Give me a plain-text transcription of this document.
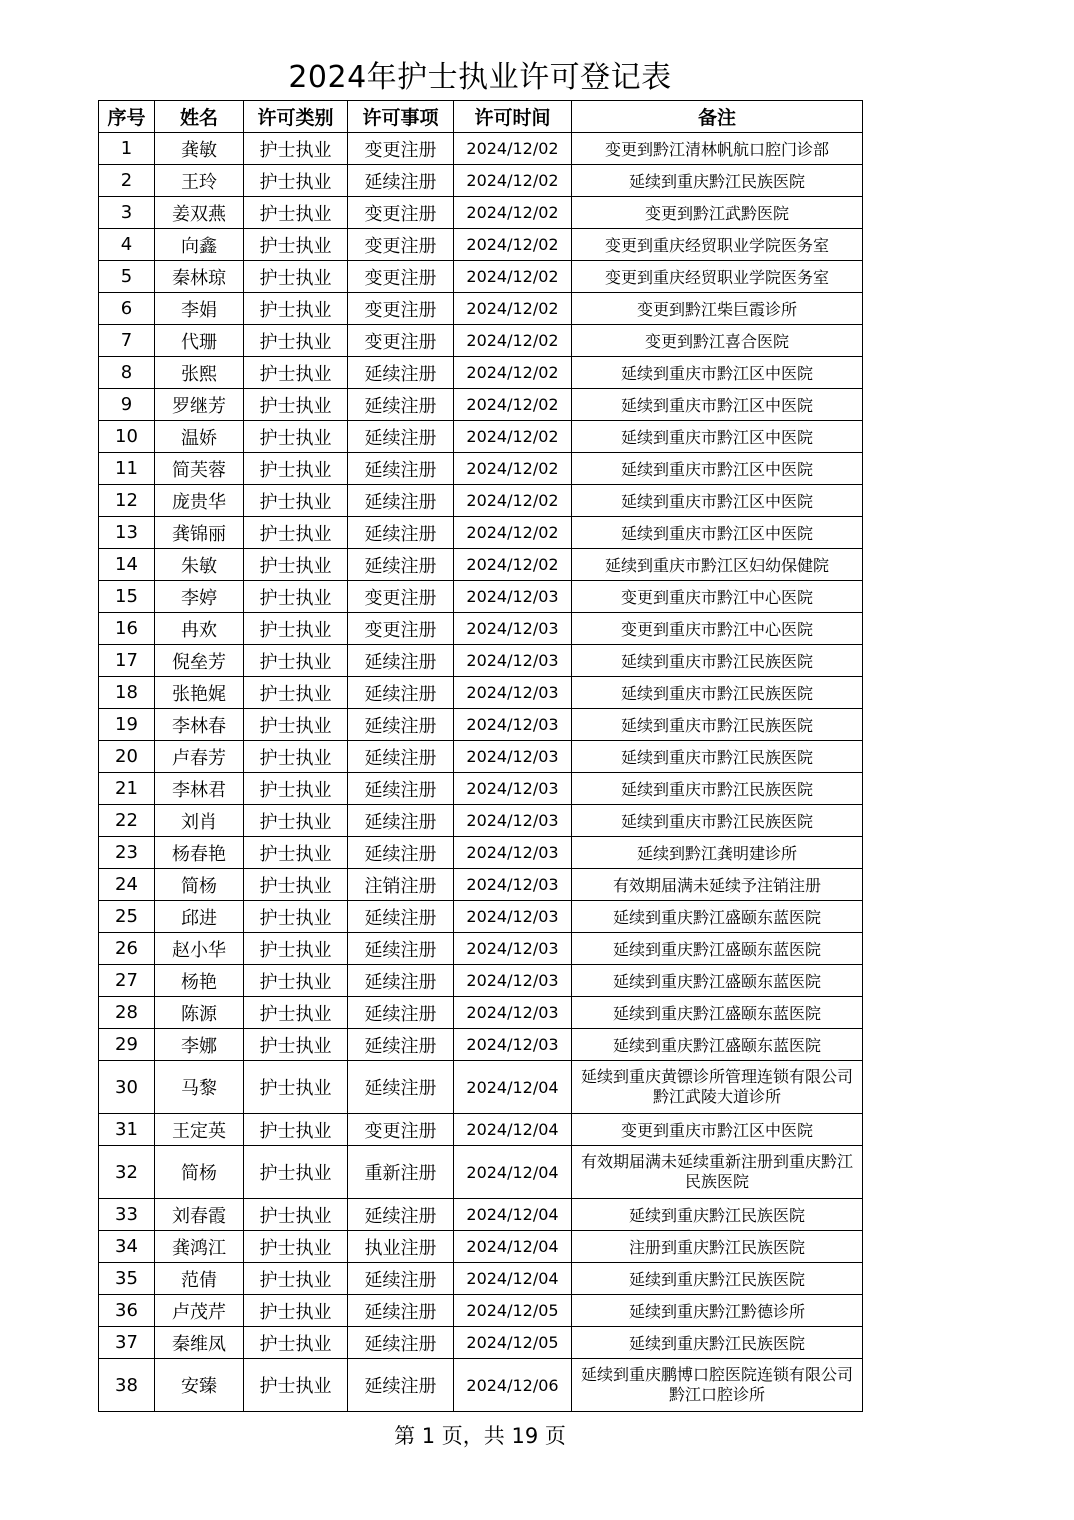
2024年护士执业许可登记表
序号	姓名	许可类别	许可事项	许可时间	备注
1	龚敏	护士执业	变更注册	2024/12/02	变更到黔江清林帆航口腔门诊部
2	王玲	护士执业	延续注册	2024/12/02	延续到重庆黔江民族医院
3	姜双燕	护士执业	变更注册	2024/12/02	变更到黔江武黔医院
4	向鑫	护士执业	变更注册	2024/12/02	变更到重庆经贸职业学院医务室
5	秦林琼	护士执业	变更注册	2024/12/02	变更到重庆经贸职业学院医务室
6	李娟	护士执业	变更注册	2024/12/02	变更到黔江柴巨霞诊所
7	代珊	护士执业	变更注册	2024/12/02	变更到黔江喜合医院
8	张熙	护士执业	延续注册	2024/12/02	延续到重庆市黔江区中医院
9	罗继芳	护士执业	延续注册	2024/12/02	延续到重庆市黔江区中医院
10	温娇	护士执业	延续注册	2024/12/02	延续到重庆市黔江区中医院
11	简芙蓉	护士执业	延续注册	2024/12/02	延续到重庆市黔江区中医院
12	庞贵华	护士执业	延续注册	2024/12/02	延续到重庆市黔江区中医院
13	龚锦丽	护士执业	延续注册	2024/12/02	延续到重庆市黔江区中医院
14	朱敏	护士执业	延续注册	2024/12/02	延续到重庆市黔江区妇幼保健院
15	李婷	护士执业	变更注册	2024/12/03	变更到重庆市黔江中心医院
16	冉欢	护士执业	变更注册	2024/12/03	变更到重庆市黔江中心医院
17	倪垒芳	护士执业	延续注册	2024/12/03	延续到重庆市黔江民族医院
18	张艳娓	护士执业	延续注册	2024/12/03	延续到重庆市黔江民族医院
19	李林春	护士执业	延续注册	2024/12/03	延续到重庆市黔江民族医院
20	卢春芳	护士执业	延续注册	2024/12/03	延续到重庆市黔江民族医院
21	李林君	护士执业	延续注册	2024/12/03	延续到重庆市黔江民族医院
22	刘肖	护士执业	延续注册	2024/12/03	延续到重庆市黔江民族医院
23	杨春艳	护士执业	延续注册	2024/12/03	延续到黔江龚明建诊所
24	简杨	护士执业	注销注册	2024/12/03	有效期届满未延续予注销注册
25	邱进	护士执业	延续注册	2024/12/03	延续到重庆黔江盛颐东蓝医院
26	赵小华	护士执业	延续注册	2024/12/03	延续到重庆黔江盛颐东蓝医院
27	杨艳	护士执业	延续注册	2024/12/03	延续到重庆黔江盛颐东蓝医院
28	陈源	护士执业	延续注册	2024/12/03	延续到重庆黔江盛颐东蓝医院
29	李娜	护士执业	延续注册	2024/12/03	延续到重庆黔江盛颐东蓝医院
30	马黎	护士执业	延续注册	2024/12/04	延续到重庆黄镖诊所管理连锁有限公司黔江武陵大道诊所
31	王定英	护士执业	变更注册	2024/12/04	变更到重庆市黔江区中医院
32	简杨	护士执业	重新注册	2024/12/04	有效期届满未延续重新注册到重庆黔江民族医院
33	刘春霞	护士执业	延续注册	2024/12/04	延续到重庆黔江民族医院
34	龚鸿江	护士执业	执业注册	2024/12/04	注册到重庆黔江民族医院
35	范倩	护士执业	延续注册	2024/12/04	延续到重庆黔江民族医院
36	卢茂芹	护士执业	延续注册	2024/12/05	延续到重庆黔江黔德诊所
37	秦维凤	护士执业	延续注册	2024/12/05	延续到重庆黔江民族医院
38	安臻	护士执业	延续注册	2024/12/06	延续到重庆鹏博口腔医院连锁有限公司黔江口腔诊所
第 1 页，共 19 页
